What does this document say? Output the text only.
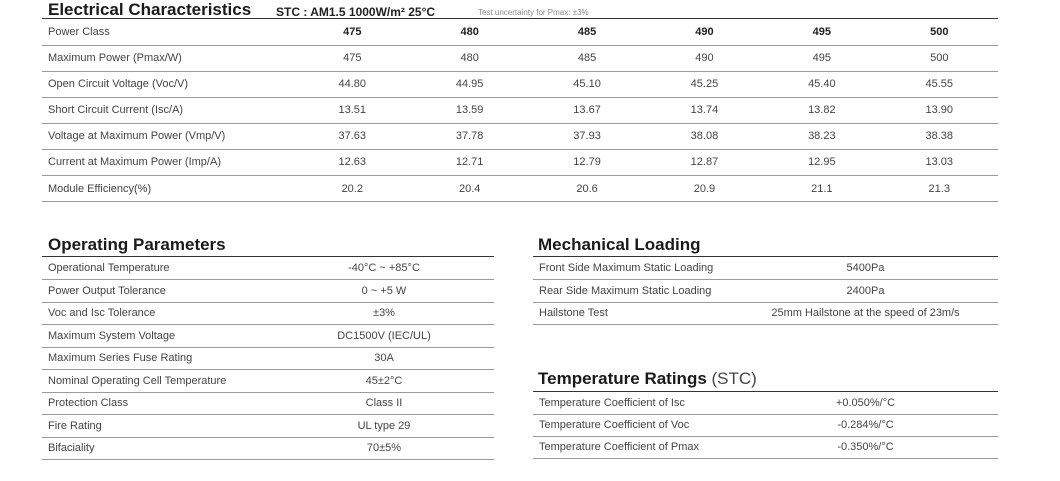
Electrical Characteristics STC : AM1.5 1000W/m² 25°C	Test uncertainty for Pmax: ±3%
Power Class	475	480	485	490	495	500
Maximum Power (Pmax/W)	475	480	485	490	495	500
Open Circuit Voltage (Voc/V)	44.80	44.95	45.10	45.25	45.40	45.55
Short Circuit Current (Isc/A)	13.51	13.59	13.67	13.74	13.82	13.90
Voltage at Maximum Power (Vmp/V)	37.63	37.78	37.93	38.08	38.23	38.38
Current at Maximum Power (Imp/A)	12.63	12.71	12.79	12.87	12.95	13.03
Module Efficiency(%)	20.2	20.4	20.6	20.9	21.1	21.3
Operating Parameters
Operational Temperature	-40°C ~ +85°C
Power Output Tolerance	0 ~ +5 W
Voc and Isc Tolerance	±3%
Maximum System Voltage	DC1500V (IEC/UL)
Maximum Series Fuse Rating	30A
Nominal Operating Cell Temperature	45±2°C
Protection Class	Class II
Fire Rating	UL type 29
Bifaciality	70±5%
Mechanical Loading
Front Side Maximum Static Loading	5400Pa
Rear Side Maximum Static Loading	2400Pa
Hailstone Test	25mm Hailstone at the speed of 23m/s
Temperature Ratings (STC)
Temperature Coefficient of Isc	+0.050%/°C
Temperature Coefficient of Voc	-0.284%/°C
Temperature Coefficient of Pmax	-0.350%/°C
